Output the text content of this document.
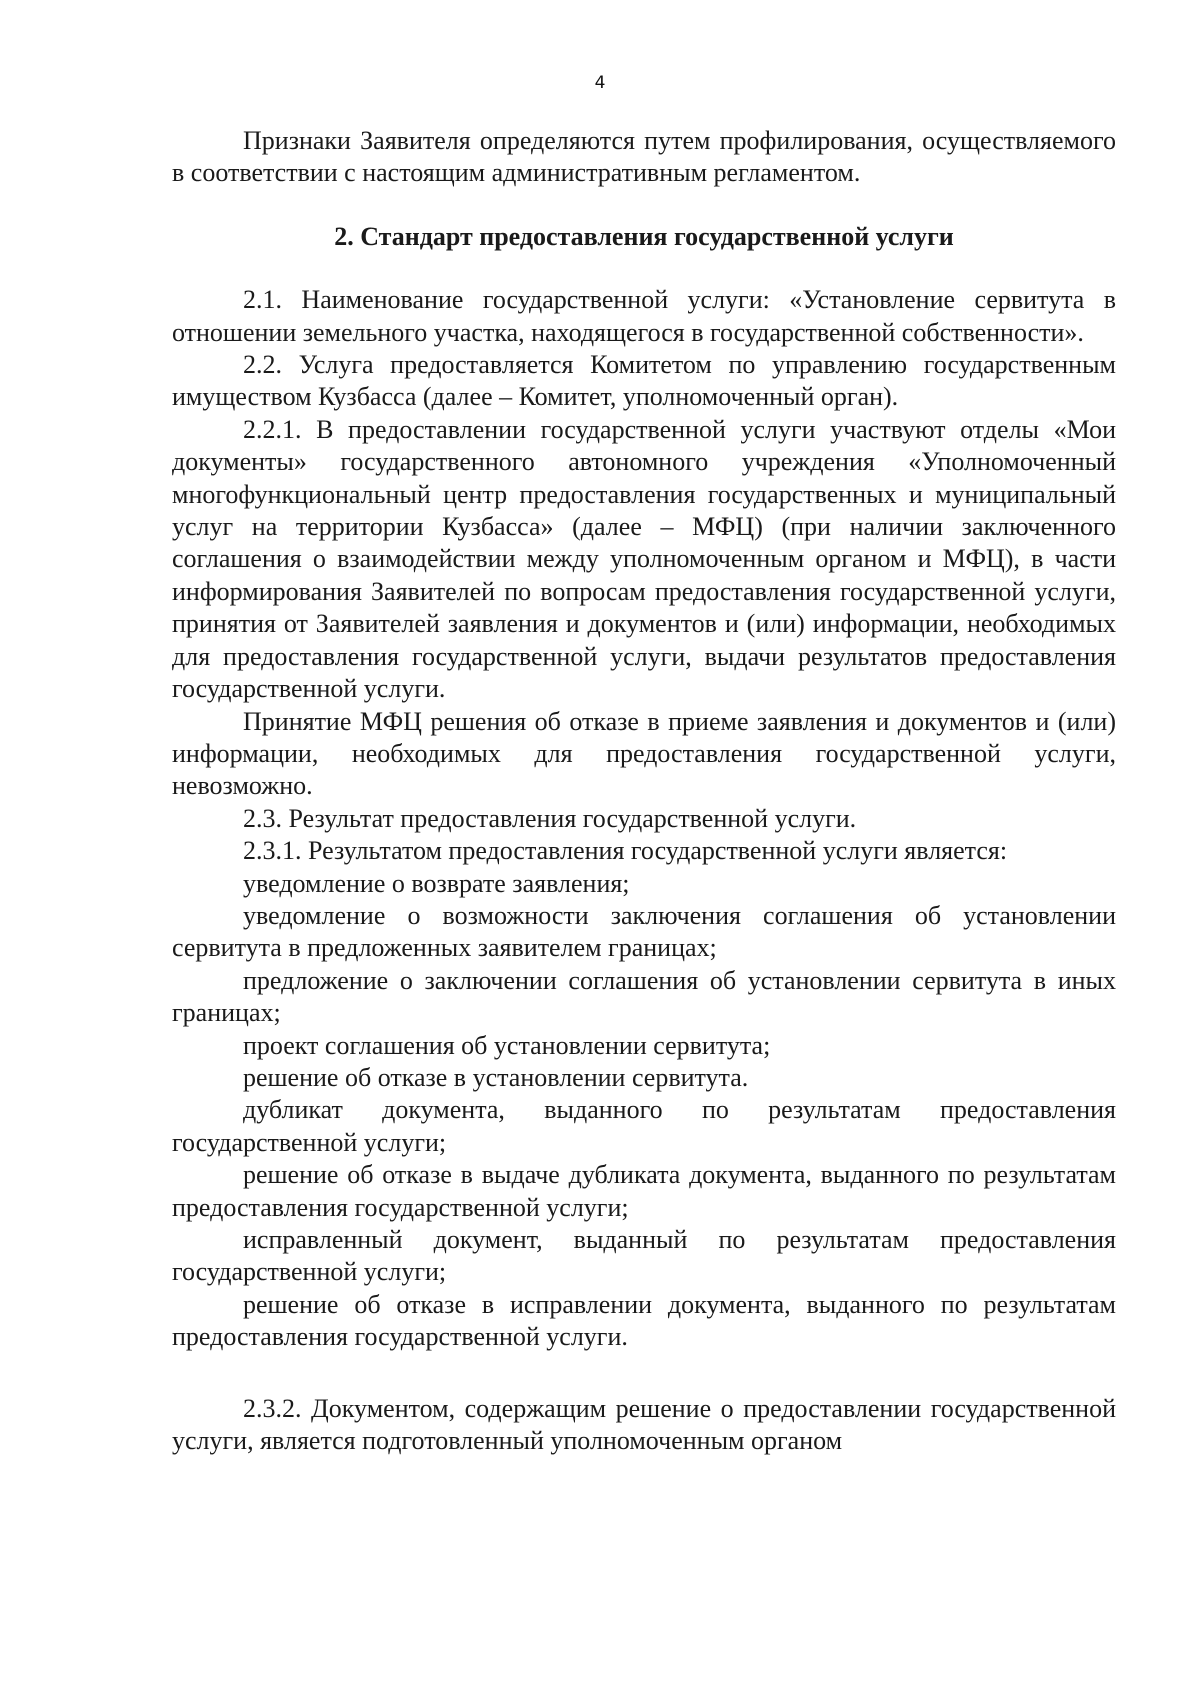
4

Признаки Заявителя определяются путем профилирования, осуществляемого в соответствии с настоящим административным регламентом.

2. Стандарт предоставления государственной услуги

2.1. Наименование государственной услуги: «Установление сервитута в отношении земельного участка, находящегося в государственной собственности».

2.2. Услуга предоставляется Комитетом по управлению государственным имуществом Кузбасса (далее – Комитет, уполномоченный орган).

2.2.1. В предоставлении государственной услуги участвуют отделы «Мои документы» государственного автономного учреждения «Уполномоченный многофункциональный центр предоставления государственных и муниципальный услуг на территории Кузбасса» (далее – МФЦ) (при наличии заключенного соглашения о взаимодействии между уполномоченным органом и МФЦ), в части информирования Заявителей по вопросам предоставления государственной услуги, принятия от Заявителей заявления и документов и (или) информации, необходимых для предоставления государственной услуги, выдачи результатов предоставления государственной услуги.

Принятие МФЦ решения об отказе в приеме заявления и документов и (или) информации, необходимых для предоставления государственной услуги, невозможно.

2.3. Результат предоставления государственной услуги.

2.3.1. Результатом предоставления государственной услуги является:

уведомление о возврате заявления;

уведомление о возможности заключения соглашения об установлении сервитута в предложенных заявителем границах;

предложение о заключении соглашения об установлении сервитута в иных границах;

проект соглашения об установлении сервитута;

решение об отказе в установлении сервитута.

дубликат документа, выданного по результатам предоставления государственной услуги;

решение об отказе в выдаче дубликата документа, выданного по результатам предоставления государственной услуги;

исправленный документ, выданный по результатам предоставления государственной услуги;

решение об отказе в исправлении документа, выданного по результатам предоставления государственной услуги.

2.3.2. Документом, содержащим решение о предоставлении государственной услуги, является подготовленный уполномоченным органом
